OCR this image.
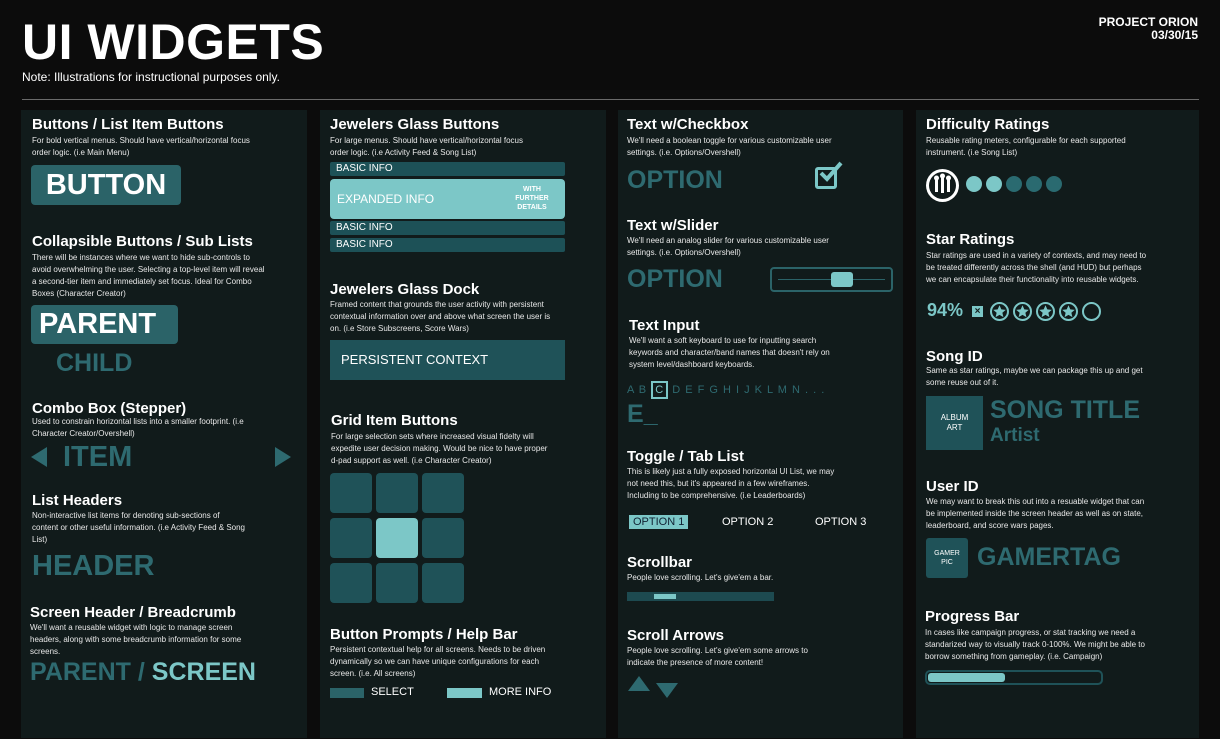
UI WIDGETS
Note: Illustrations for instructional purposes only.
PROJECT ORION
03/30/15
Buttons / List Item Buttons
For bold vertical menus. Should have vertical/horizontal focus order logic. (i.e Main Menu)
BUTTON
Collapsible Buttons / Sub Lists
There will be instances where we want to hide sub-controls to avoid overwhelming the user. Selecting a top-level item will reveal a second-tier item and immediately set focus. Ideal for Combo Boxes (Character Creator)
PARENT
CHILD
Combo Box (Stepper)
Used to constrain horizontal lists into a smaller footprint. (i.e Character Creator/Overshell)
ITEM
List Headers
Non-interactive list items for denoting sub-sections of content or other useful information. (i.e Activity Feed & Song List)
HEADER
Screen Header / Breadcrumb
We'll want a reusable widget with logic to manage screen headers, along with some breadcrumb information for some screens.
PARENT / SCREEN
Jewelers Glass Buttons
For large menus. Should have vertical/horizontal focus order logic. (i.e Activity Feed & Song List)
BASIC INFO
EXPANDED INFO
WITH FURTHER DETAILS
BASIC INFO
BASIC INFO
Jewelers Glass Dock
Framed content that grounds the user activity with persistent contextual information over and above what screen the user is on. (i.e Store Subscreens, Score Wars)
PERSISTENT CONTEXT
Grid Item Buttons
For large selection sets where increased visual fidelty will expedite user decision making. Would be nice to have proper d-pad support as well. (i.e Character Creator)
Button Prompts / Help Bar
Persistent contextual help for all screens. Needs to be driven dynamically so we can have unique configurations for each screen. (i.e. All screens)
SELECT	MORE INFO
Text w/Checkbox
We'll need a boolean toggle for various customizable user settings. (i.e. Options/Overshell)
OPTION
Text w/Slider
We'll need an analog slider for various customizable user settings. (i.e. Options/Overshell)
OPTION
Text Input
We'll want a soft keyboard to use for inputting search keywords and character/band names that doesn't rely on system level/dashboard keyboards.
A B C D E F G H I J K L M N . . .
E_
Toggle / Tab List
This is likely just a fully exposed horizontal UI List, we may not need this, but it's appeared in a few wireframes. Including to be comprehensive. (i.e Leaderboards)
OPTION 1	OPTION 2	OPTION 3
Scrollbar
People love scrolling. Let's give'em a bar.
Scroll Arrows
People love scrolling. Let's give'em some arrows to indicate the presence of more content!
Difficulty Ratings
Reusable rating meters, configurable for each supported instrument. (i.e Song List)
Star Ratings
Star ratings are used in a variety of contexts, and may need to be treated differently across the shell (and HUD) but perhaps we can encapsulate their functionality into reusable widgets.
94% ×
Song ID
Same as star ratings, maybe we can package this up and get some reuse out of it.
ALBUM ART
SONG TITLE
Artist
User ID
We may want to break this out into a resuable widget that can be implemented inside the screen header as well as on state, leaderboard, and score wars pages.
GAMER PIC GAMERTAG
Progress Bar
In cases like campaign progress, or stat tracking we need a standarized way to visually track 0-100%. We might be able to borrow something from gameplay. (i.e. Campaign)
